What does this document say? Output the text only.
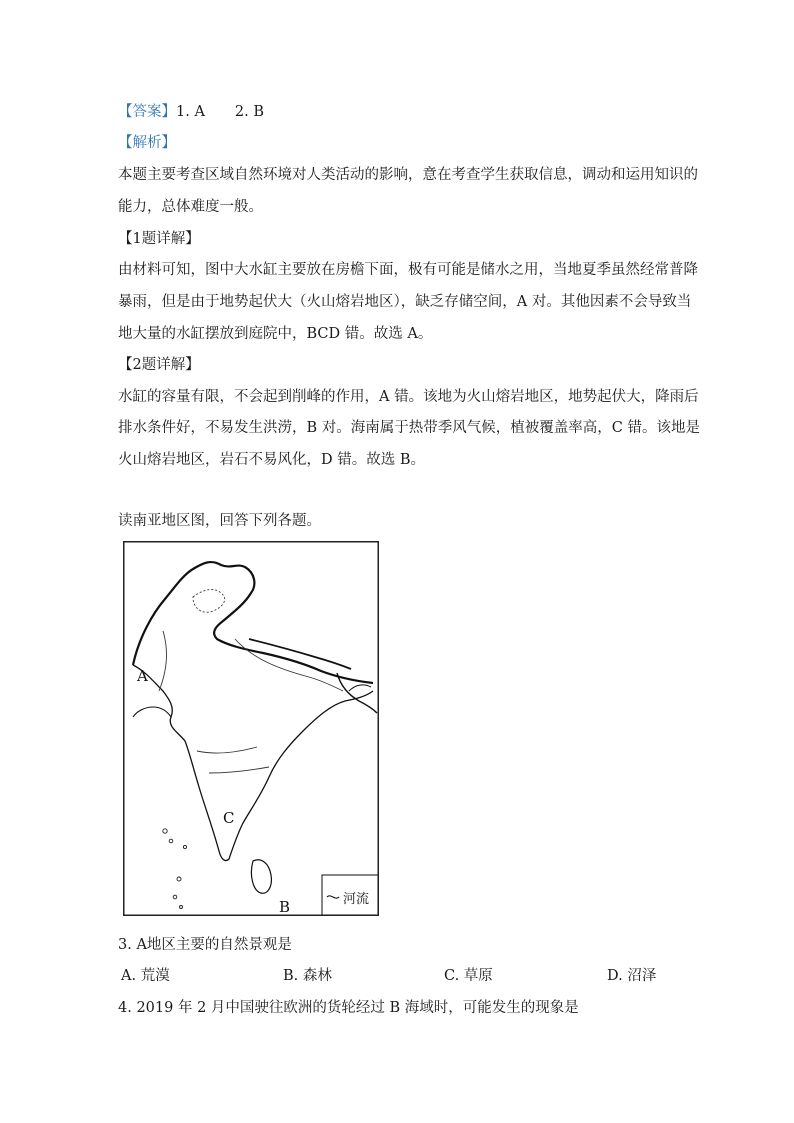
【答案】1. A 2. B
【解析】
本题主要考查区域自然环境对人类活动的影响，意在考查学生获取信息，调动和运用知识的
能力，总体难度一般。
【1题详解】
由材料可知，图中大水缸主要放在房檐下面，极有可能是储水之用，当地夏季虽然经常普降
暴雨，但是由于地势起伏大（火山熔岩地区），缺乏存储空间，A 对。其他因素不会导致当
地大量的水缸摆放到庭院中，BCD 错。故选 A。
【2题详解】
水缸的容量有限，不会起到削峰的作用，A 错。该地为火山熔岩地区，地势起伏大，降雨后
排水条件好，不易发生洪涝，B 对。海南属于热带季风气候，植被覆盖率高，C 错。该地是
火山熔岩地区，岩石不易风化，D 错。故选 B。
读南亚地区图，回答下列各题。
A
C
B	河流
3. A地区主要的自然景观是
A. 荒漠	B. 森林	C. 草原	D. 沼泽
4. 2019 年 2 月中国驶往欧洲的货轮经过 B 海域时，可能发生的现象是
